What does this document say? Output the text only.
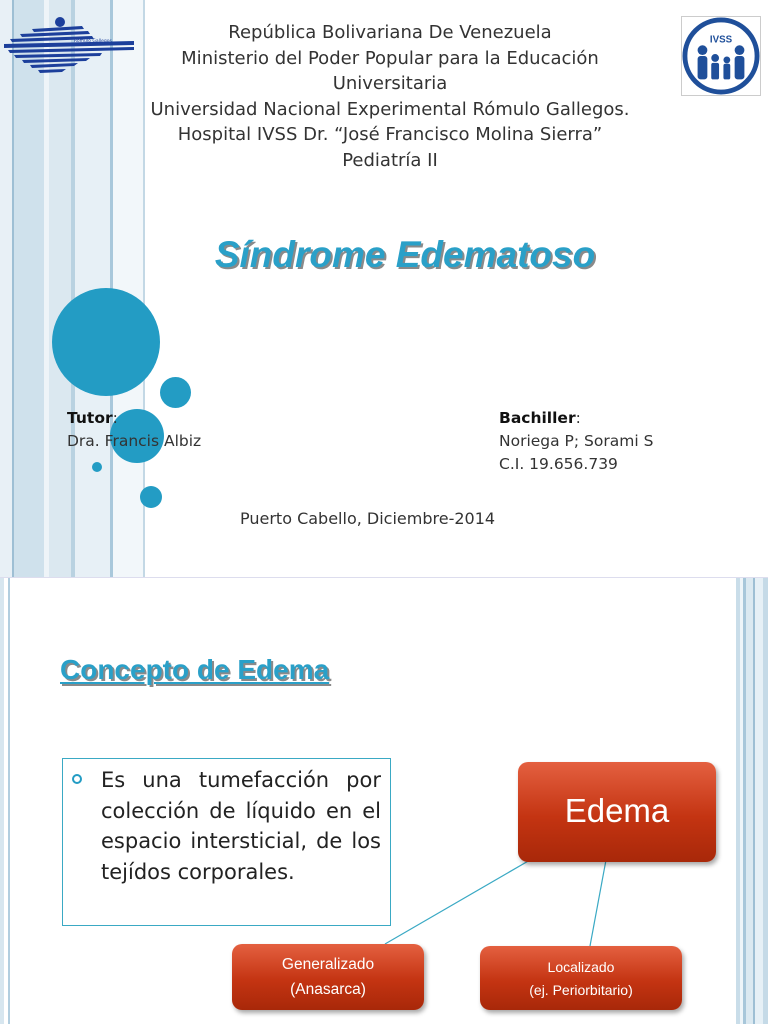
Romulo Gallegos	IVSS
República Bolivariana De Venezuela
Ministerio del Poder Popular para la Educación
Universitaria
Universidad Nacional Experimental Rómulo Gallegos.
Hospital IVSS Dr. “José Francisco Molina Sierra”
Pediatría II
Síndrome Edematoso
Tutor:
Dra. Francis Albiz
Bachiller:
Noriega P; Sorami S
C.I. 19.656.739
Puerto Cabello, Diciembre-2014
Concepto de Edema

Es una tumefacción por colección de líquido en el espacio intersticial, de los tejídos corporales.

Edema
Generalizado
(Anasarca)
Localizado
(ej. Periorbitario)
